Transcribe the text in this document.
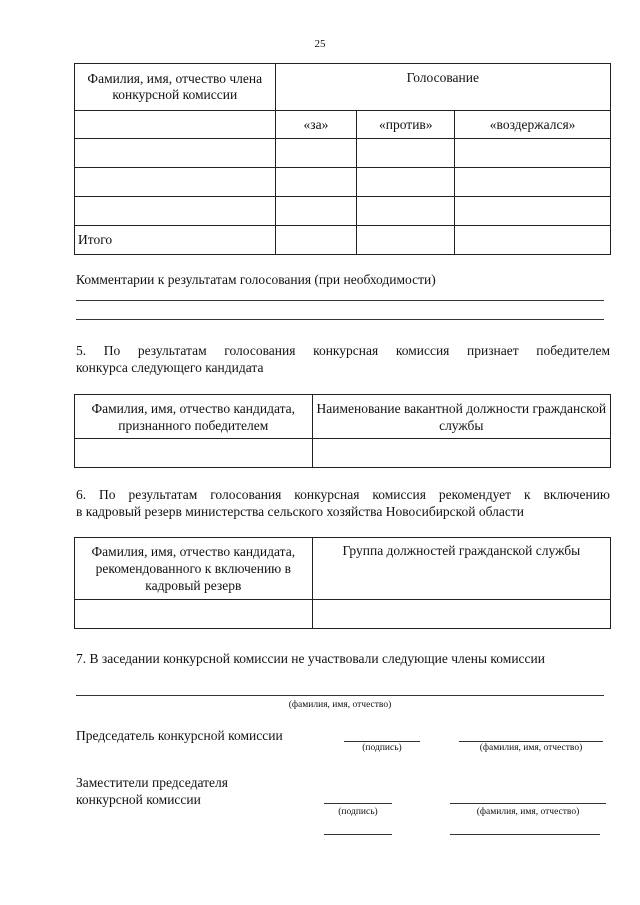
25
Фамилия, имя, отчество члена конкурсной комиссии	Голосование		
	«за»	«против»	«воздержался»

Итого			
Комментарии к результатам голосования (при необходимости)
5. По результатам голосования конкурсная комиссия признает победителем
конкурса следующего кандидата
Фамилия, имя, отчество кандидата, признанного победителем	Наименование вакантной должности гражданской службы

6. По результатам голосования конкурсная комиссия рекомендует к включению
в кадровый резерв министерства сельского хозяйства Новосибирской области
Фамилия, имя, отчество кандидата, рекомендованного к включению в кадровый резерв	Группа должностей гражданской службы

7. В заседании конкурсной комиссии не участвовали следующие члены комиссии
(фамилия, имя, отчество)
Председатель конкурсной комиссии
(подпись)	(фамилия, имя, отчество)
Заместители председателя
конкурсной комиссии
(подпись)	(фамилия, имя, отчество)
